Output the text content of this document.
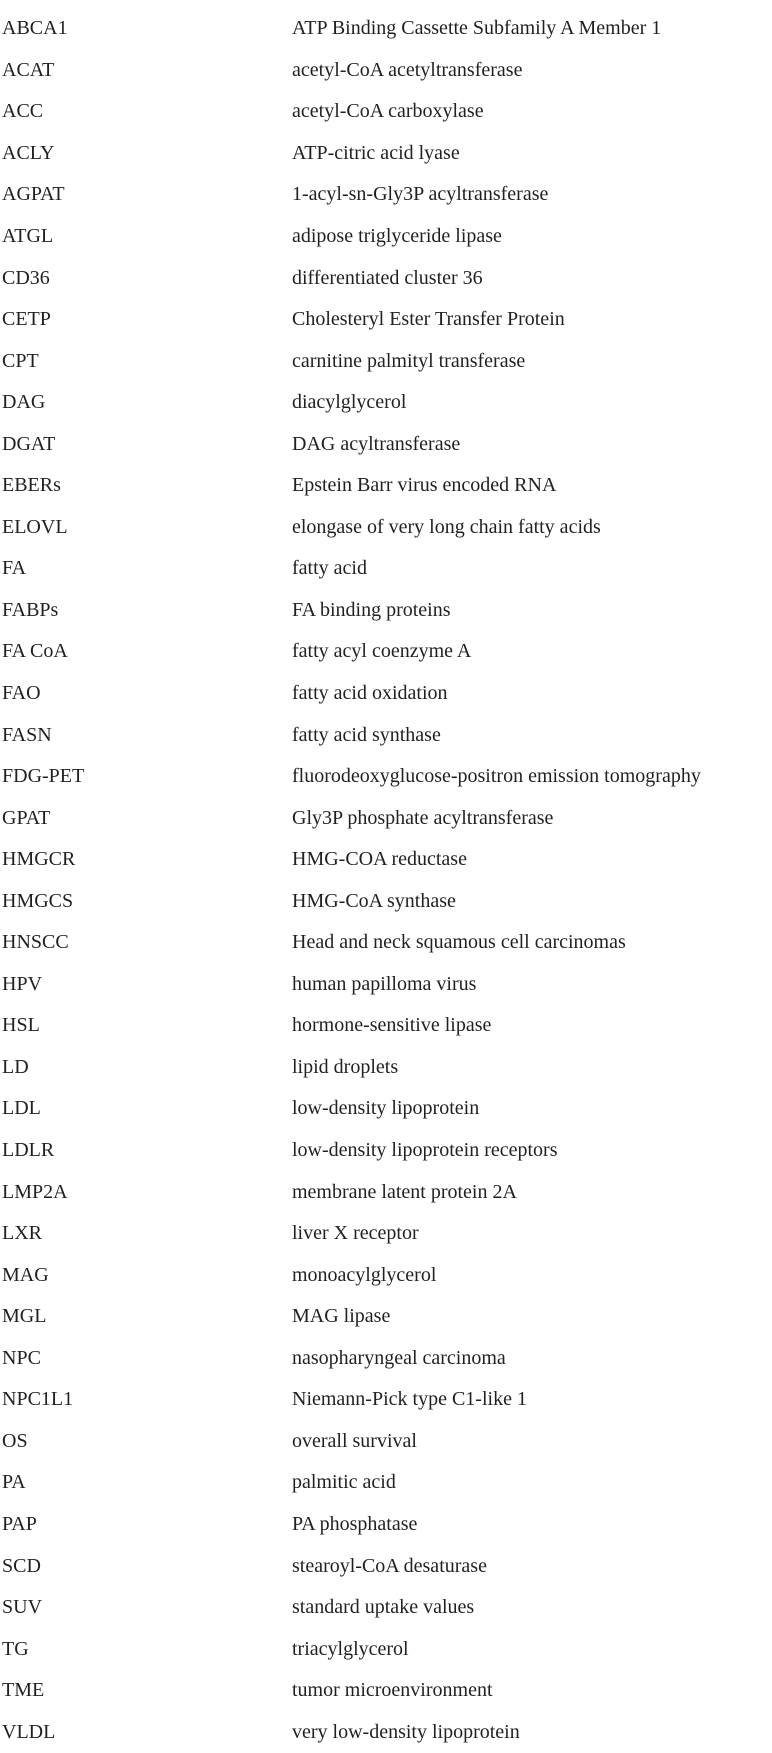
ABCA1	ATP Binding Cassette Subfamily A Member 1
ACAT	acetyl-CoA acetyltransferase
ACC	acetyl-CoA carboxylase
ACLY	ATP-citric acid lyase
AGPAT	1-acyl-sn-Gly3P acyltransferase
ATGL	adipose triglyceride lipase
CD36	differentiated cluster 36
CETP	Cholesteryl Ester Transfer Protein
CPT	carnitine palmityl transferase
DAG	diacylglycerol
DGAT	DAG acyltransferase
EBERs	Epstein Barr virus encoded RNA
ELOVL	elongase of very long chain fatty acids
FA	fatty acid
FABPs	FA binding proteins
FA CoA	fatty acyl coenzyme A
FAO	fatty acid oxidation
FASN	fatty acid synthase
FDG-PET	fluorodeoxyglucose-positron emission tomography
GPAT	Gly3P phosphate acyltransferase
HMGCR	HMG-COA reductase
HMGCS	HMG-CoA synthase
HNSCC	Head and neck squamous cell carcinomas
HPV	human papilloma virus
HSL	hormone-sensitive lipase
LD	lipid droplets
LDL	low-density lipoprotein
LDLR	low-density lipoprotein receptors
LMP2A	membrane latent protein 2A
LXR	liver X receptor
MAG	monoacylglycerol
MGL	MAG lipase
NPC	nasopharyngeal carcinoma
NPC1L1	Niemann-Pick type C1-like 1
OS	overall survival
PA	palmitic acid
PAP	PA phosphatase
SCD	stearoyl-CoA desaturase
SUV	standard uptake values
TG	triacylglycerol
TME	tumor microenvironment
VLDL	very low-density lipoprotein
